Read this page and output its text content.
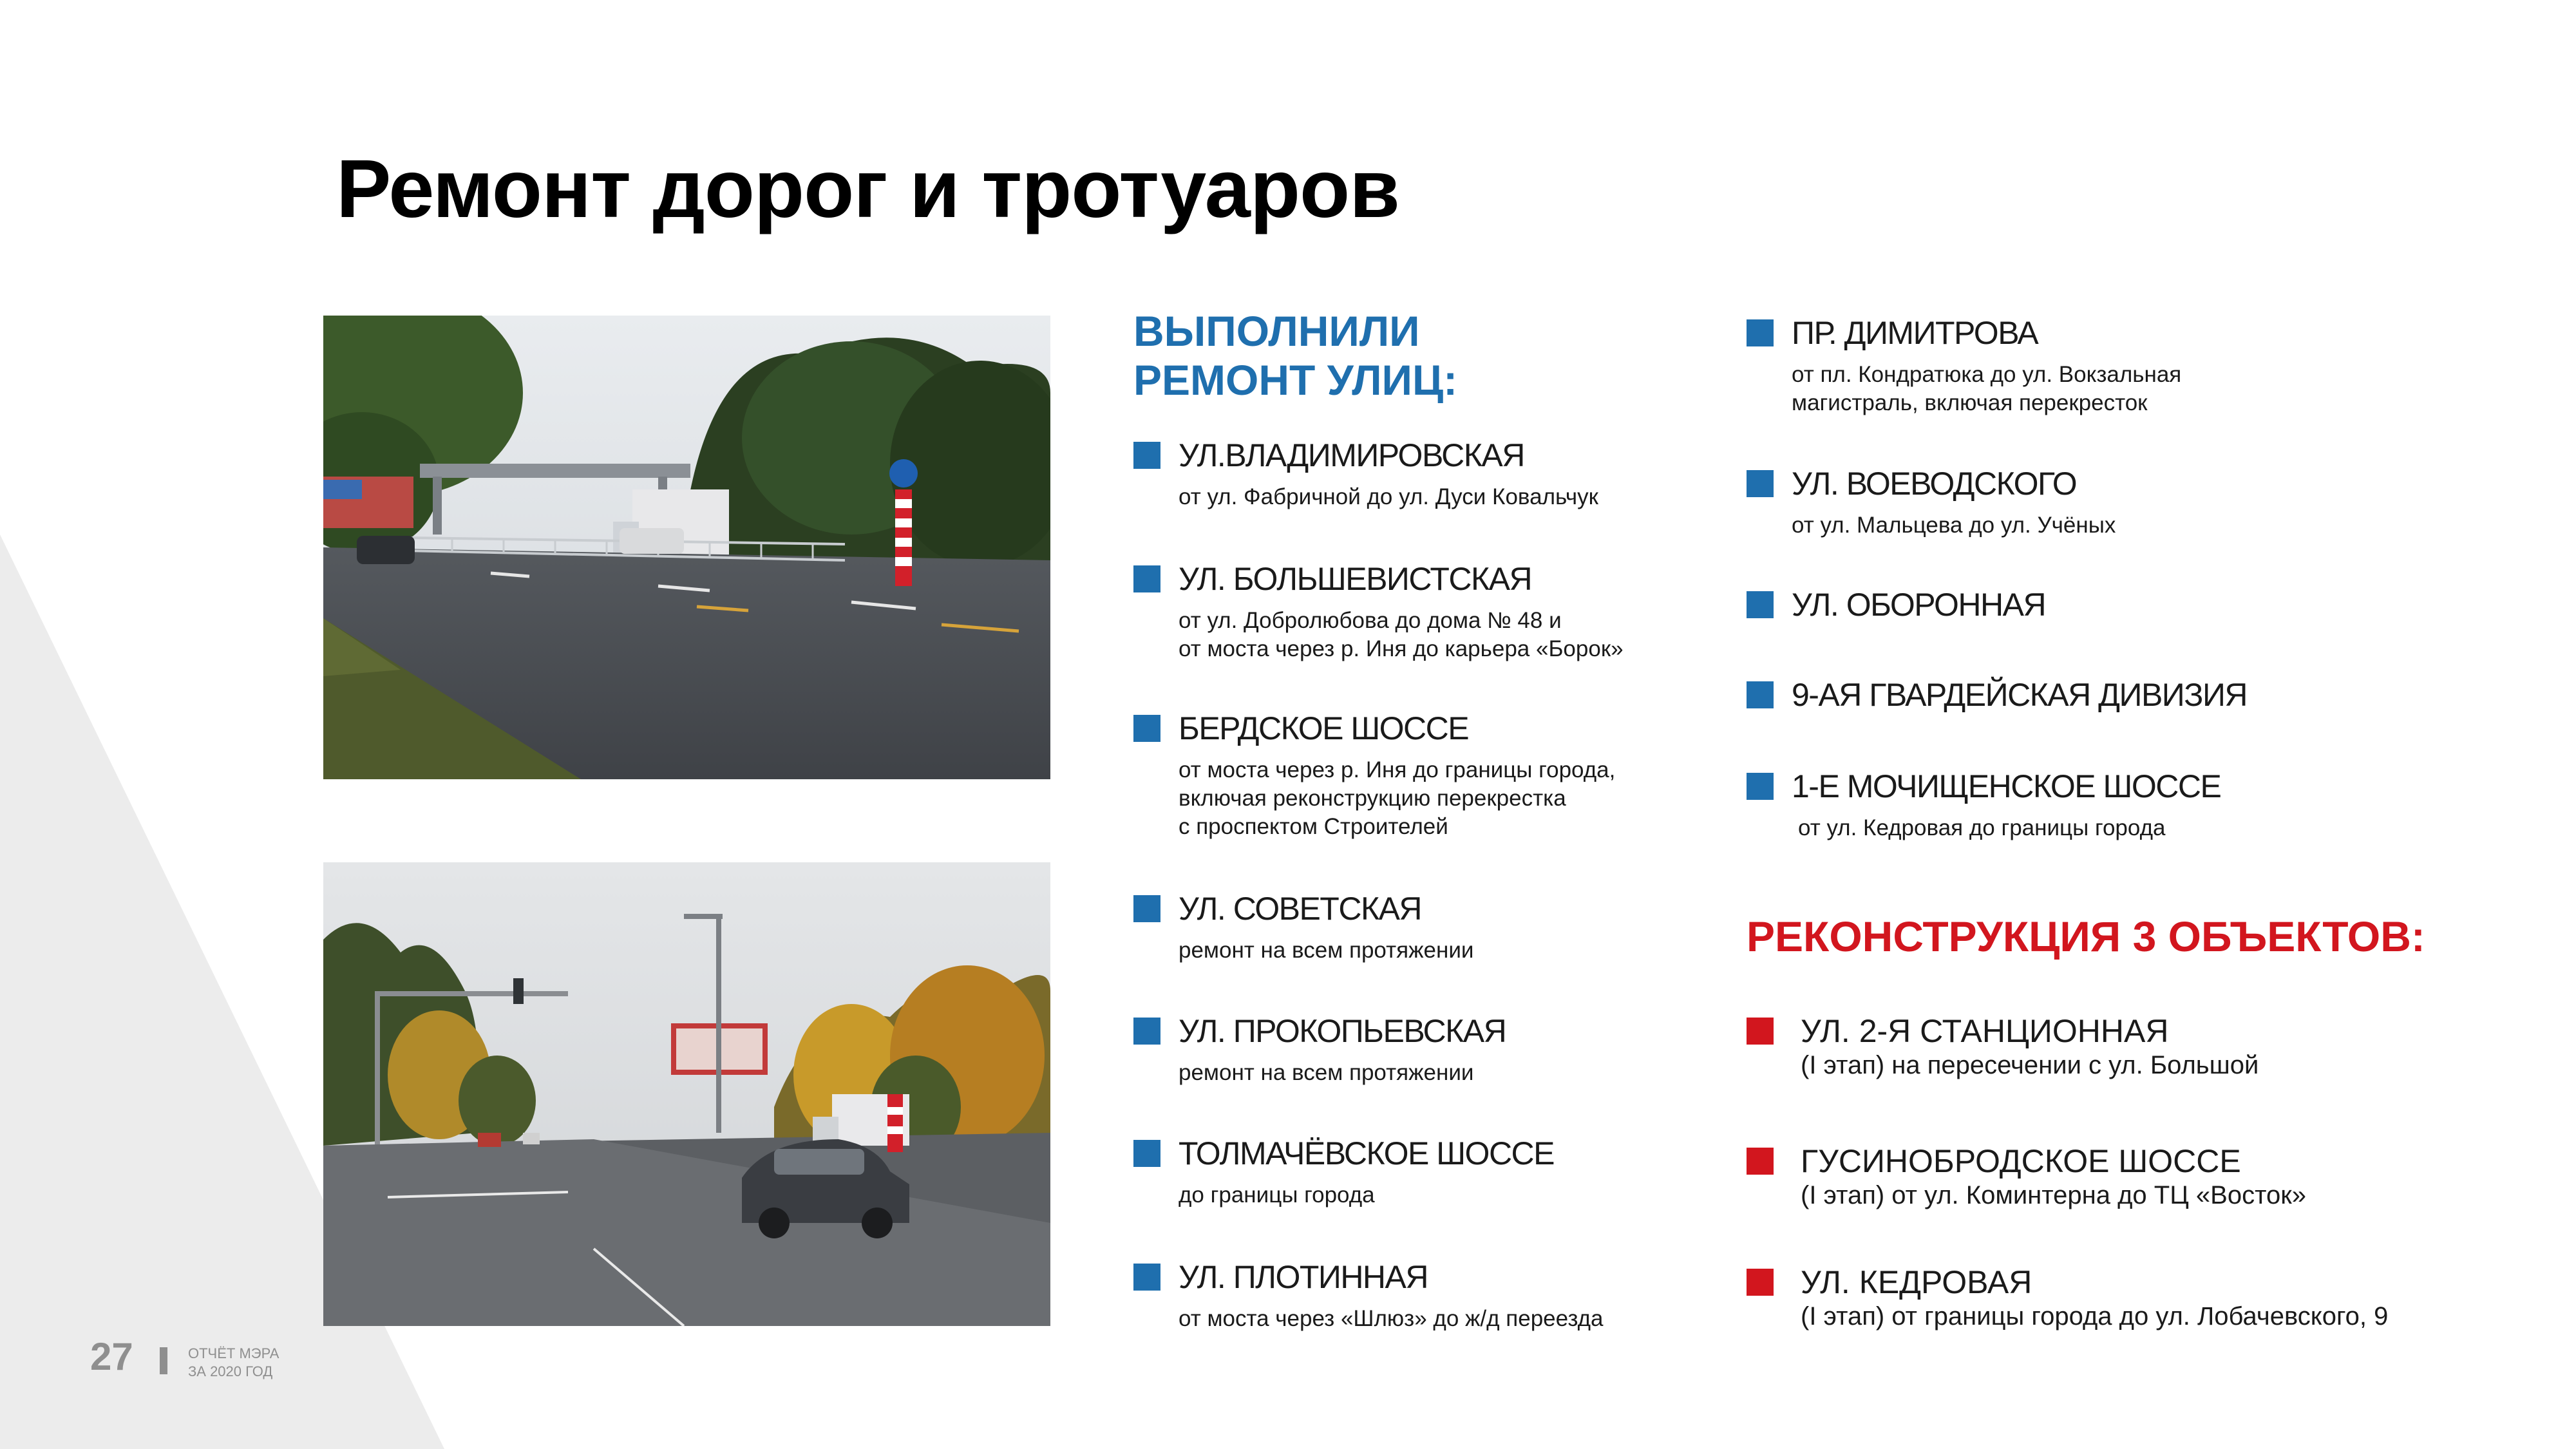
Ремонт дорог и тротуаров
ВЫПОЛНИЛИ
РЕМОНТ УЛИЦ:
УЛ.ВЛАДИМИРОВСКАЯ
от ул. Фабричной до ул. Дуси Ковальчук
УЛ. БОЛЬШЕВИСТСКАЯ
от ул. Добролюбова до дома № 48 и
от моста через р. Иня до карьера «Борок»
БЕРДСКОЕ ШОССЕ
от моста через р. Иня до границы города,
включая реконструкцию перекрестка
с проспектом Строителей
УЛ. СОВЕТСКАЯ
ремонт на всем протяжении
УЛ. ПРОКОПЬЕВСКАЯ
ремонт на всем протяжении
ТОЛМАЧЁВСКОЕ ШОССЕ
до границы города
УЛ. ПЛОТИННАЯ
от моста через «Шлюз» до ж/д переезда
ПР. ДИМИТРОВА
от пл. Кондратюка до ул. Вокзальная
магистраль, включая перекресток
УЛ. ВОЕВОДСКОГО
от ул. Мальцева до ул. Учёных
УЛ. ОБОРОННАЯ
9-АЯ ГВАРДЕЙСКАЯ ДИВИЗИЯ
1-Е МОЧИЩЕНСКОЕ ШОССЕ
от ул. Кедровая до границы города
РЕКОНСТРУКЦИЯ 3 ОБЪЕКТОВ:
УЛ. 2-Я СТАНЦИОННАЯ
(I этап) на пересечении с ул. Большой
ГУСИНОБРОДСКОЕ ШОССЕ
(I этап) от ул. Коминтерна до ТЦ «Восток»
УЛ. КЕДРОВАЯ
(I этап) от границы города до ул. Лобачевского, 9
27	ОТЧЁТ МЭРА
ЗА 2020 ГОД
